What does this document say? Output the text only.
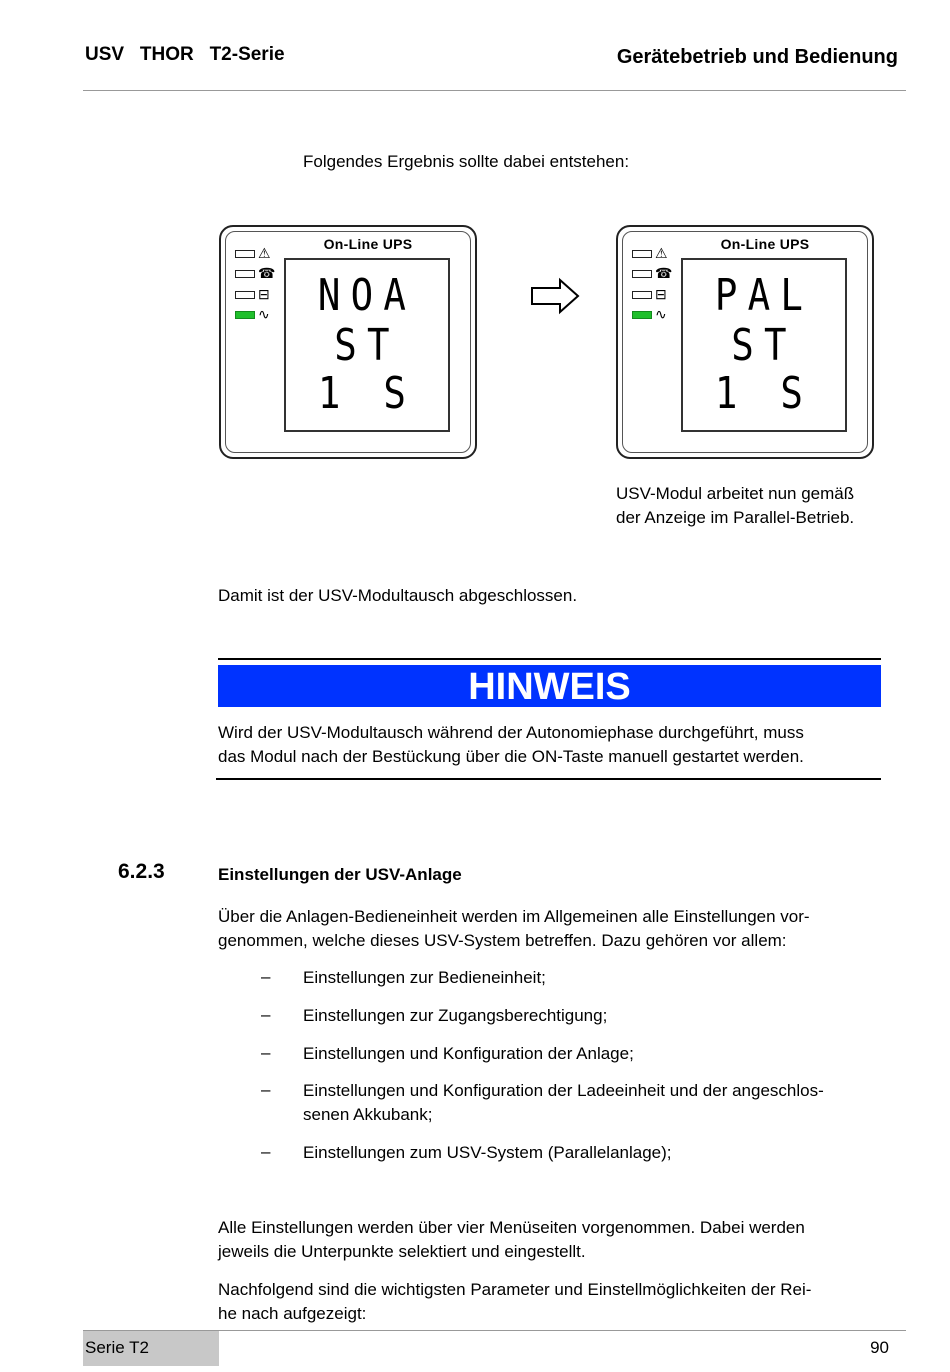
USV   THOR   T2-Serie	Gerätebetrieb und Bedienung
Folgendes Ergebnis sollte dabei entstehen:
On-Line UPS
⚠
☎
⊟
∿	NOA
ST
1 S
On-Line UPS
⚠
☎
⊟
∿	PAL
ST
1 S
USV-Modul arbeitet nun gemäß
der Anzeige im Parallel-Betrieb.
Damit ist der USV-Modultausch abgeschlossen.
HINWEIS
Wird der USV-Modultausch während der Autonomiephase durchgeführt, muss
das Modul nach der Bestückung über die ON-Taste manuell gestartet werden.
6.2.3	Einstellungen der USV-Anlage
Über die Anlagen-Bedieneinheit werden im Allgemeinen alle Einstellungen vor-
genommen, welche dieses USV-System betreffen. Dazu gehören vor allem:
– Einstellungen zur Bedieneinheit;
– Einstellungen zur Zugangsberechtigung;
– Einstellungen und Konfiguration der Anlage;
– Einstellungen und Konfiguration der Ladeeinheit und der angeschlos-
senen Akkubank;
– Einstellungen zum USV-System (Parallelanlage);
Alle Einstellungen werden über vier Menüseiten vorgenommen. Dabei werden
jeweils die Unterpunkte selektiert und eingestellt.
Nachfolgend sind die wichtigsten Parameter und Einstellmöglichkeiten der Rei-
he nach aufgezeigt:
Serie T2	90
